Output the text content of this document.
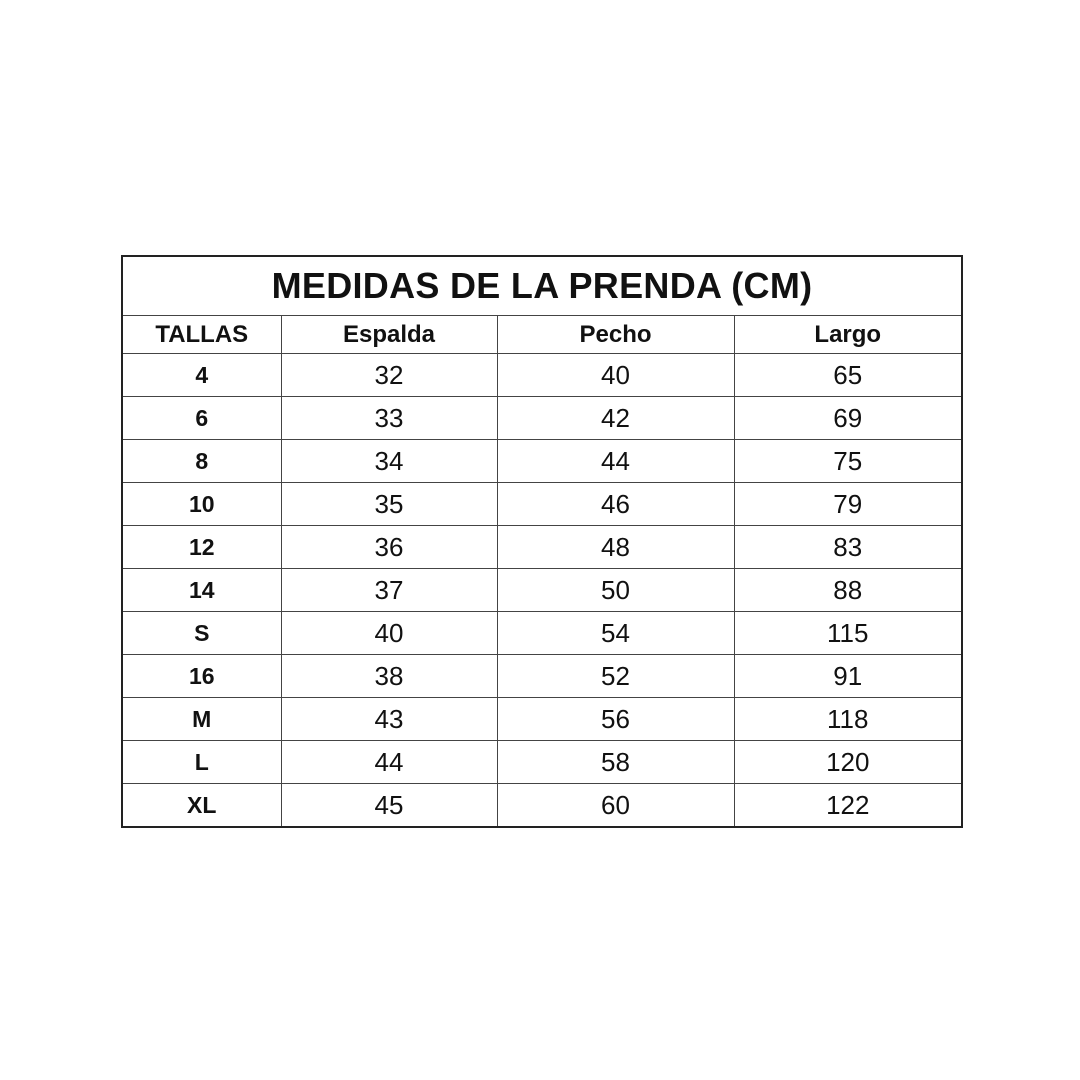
MEDIDAS DE LA PRENDA (CM)			
TALLAS	Espalda	Pecho	Largo
4	32	40	65
6	33	42	69
8	34	44	75
10	35	46	79
12	36	48	83
14	37	50	88
S	40	54	115
16	38	52	91
M	43	56	118
L	44	58	120
XL	45	60	122
